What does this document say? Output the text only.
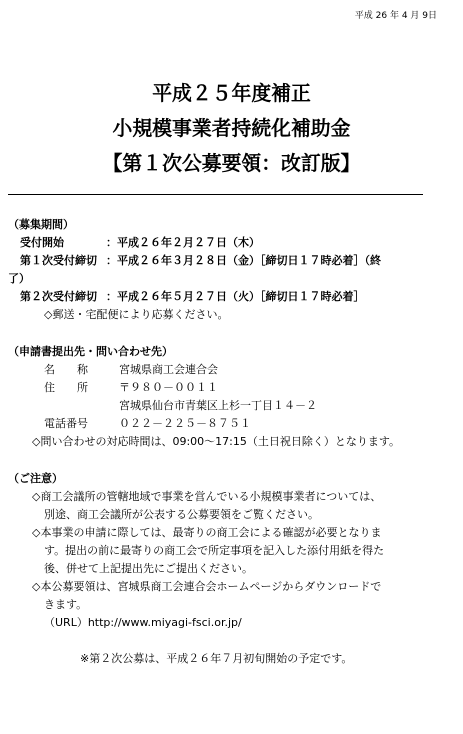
平成 26 年 4 月 9日
平成２５年度補正
小規模事業者持続化補助金
【第１次公募要領：改訂版】
（募集期間）
受付開始	：平成２６年２月２７日（木）
第１次受付締切 ：平成２６年３月２８日（金）［締切日１７時必着］（終
了）
第２次受付締切 ：平成２６年５月２７日（火）［締切日１７時必着］
◇郵送・宅配便により応募ください。
（申請書提出先・問い合わせ先）
名　　称	宮城県商工会連合会
住　　所	〒９８０－００１１
宮城県仙台市青葉区上杉一丁目１４－２
電話番号	０２２－２２５－８７５１
◇問い合わせの対応時間は、09:00～17:15（土日祝日除く）となります。
（ご注意）
◇商工会議所の管轄地域で事業を営んでいる小規模事業者については、
別途、商工会議所が公表する公募要領をご覧ください。
◇本事業の申請に際しては、最寄りの商工会による確認が必要となりま
す。提出の前に最寄りの商工会で所定事項を記入した添付用紙を得た
後、併せて上記提出先にご提出ください。
◇本公募要領は、宮城県商工会連合会ホームページからダウンロードで
きます。
（URL）http://www.miyagi-fsci.or.jp/
※第２次公募は、平成２６年７月初旬開始の予定です。
